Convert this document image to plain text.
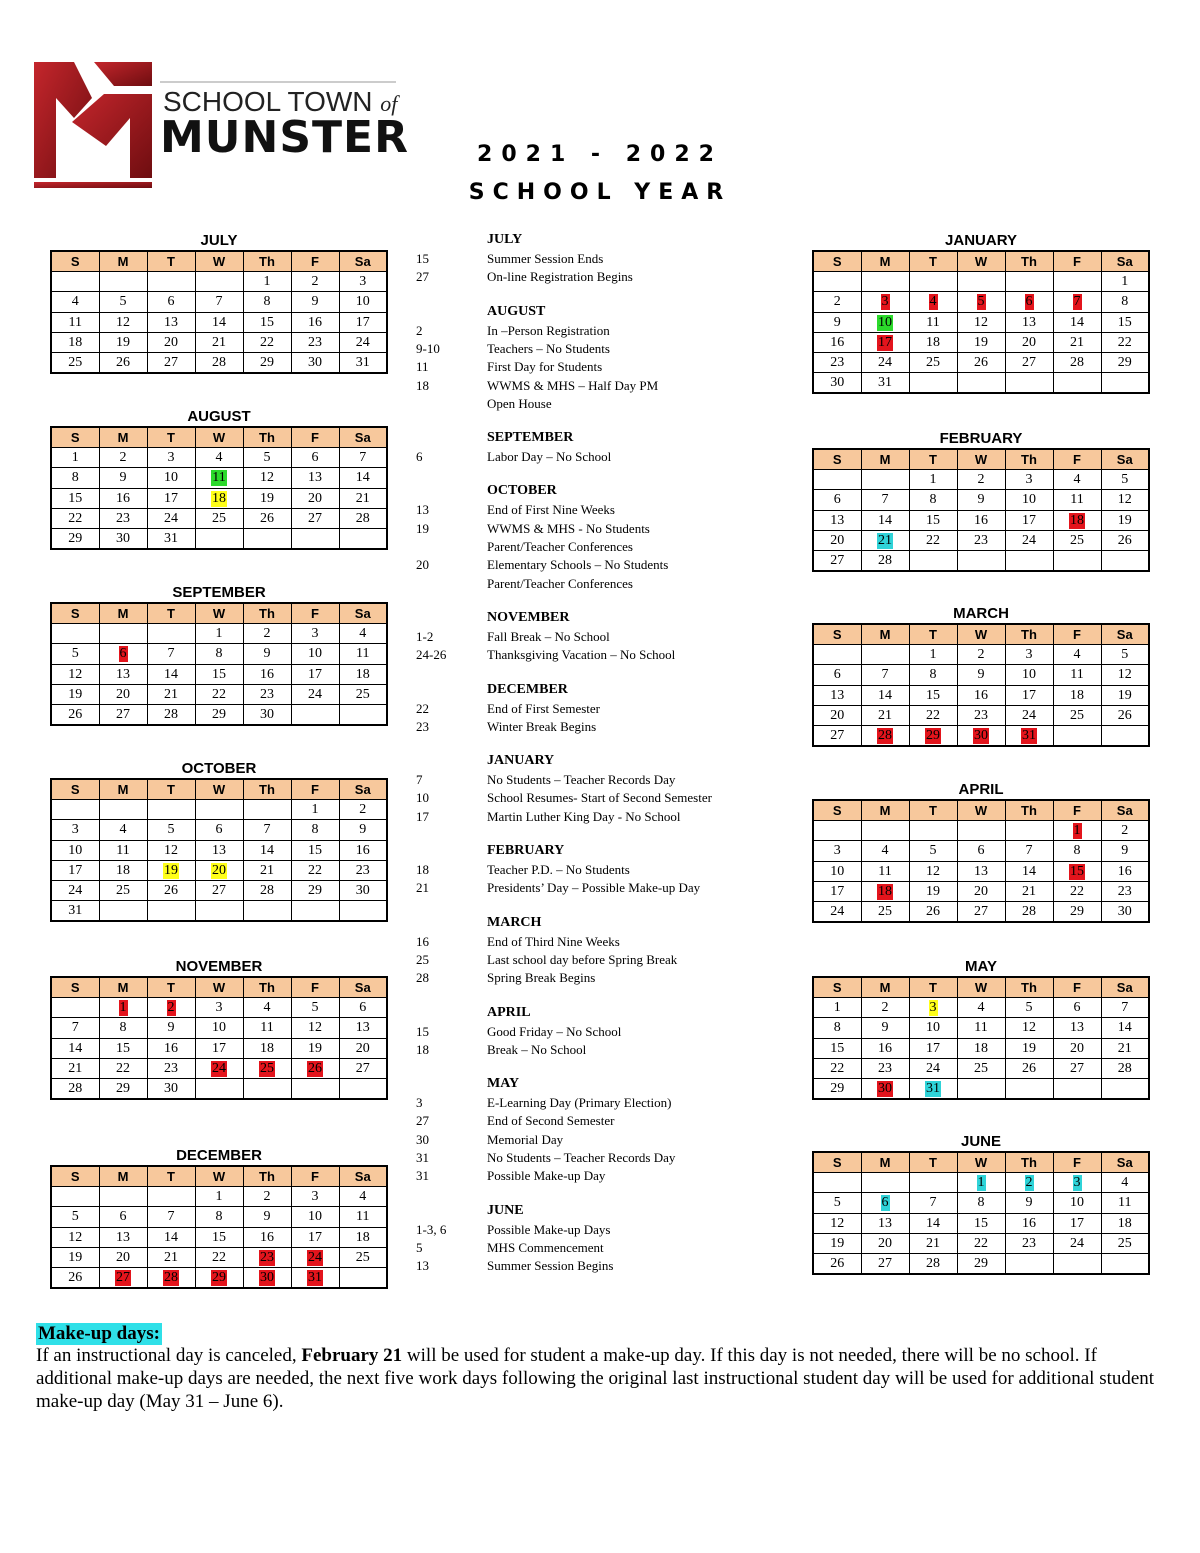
SCHOOL TOWN of
MUNSTER	2021 - 2022
SCHOOL YEAR
JULY
S	M	T	W	Th	F	Sa
				1	2	3
4	5	6	7	8	9	10
11	12	13	14	15	16	17
18	19	20	21	22	23	24
25	26	27	28	29	30	31
AUGUST
S	M	T	W	Th	F	Sa
1	2	3	4	5	6	7
8	9	10	11	12	13	14
15	16	17	18	19	20	21
22	23	24	25	26	27	28
29	30	31				
SEPTEMBER
S	M	T	W	Th	F	Sa
			1	2	3	4
5	6	7	8	9	10	11
12	13	14	15	16	17	18
19	20	21	22	23	24	25
26	27	28	29	30		
OCTOBER
S	M	T	W	Th	F	Sa
					1	2
3	4	5	6	7	8	9
10	11	12	13	14	15	16
17	18	19	20	21	22	23
24	25	26	27	28	29	30
31						
NOVEMBER
S	M	T	W	Th	F	Sa
	1	2	3	4	5	6
7	8	9	10	11	12	13
14	15	16	17	18	19	20
21	22	23	24	25	26	27
28	29	30				
DECEMBER
S	M	T	W	Th	F	Sa
			1	2	3	4
5	6	7	8	9	10	11
12	13	14	15	16	17	18
19	20	21	22	23	24	25
26	27	28	29	30	31	
JANUARY
S	M	T	W	Th	F	Sa
						1
2	3	4	5	6	7	8
9	10	11	12	13	14	15
16	17	18	19	20	21	22
23	24	25	26	27	28	29
30	31					
FEBRUARY
S	M	T	W	Th	F	Sa
		1	2	3	4	5
6	7	8	9	10	11	12
13	14	15	16	17	18	19
20	21	22	23	24	25	26
27	28					
MARCH
S	M	T	W	Th	F	Sa
		1	2	3	4	5
6	7	8	9	10	11	12
13	14	15	16	17	18	19
20	21	22	23	24	25	26
27	28	29	30	31		
APRIL
S	M	T	W	Th	F	Sa
					1	2
3	4	5	6	7	8	9
10	11	12	13	14	15	16
17	18	19	20	21	22	23
24	25	26	27	28	29	30
MAY
S	M	T	W	Th	F	Sa
1	2	3	4	5	6	7
8	9	10	11	12	13	14
15	16	17	18	19	20	21
22	23	24	25	26	27	28
29	30	31				
JUNE
S	M	T	W	Th	F	Sa
			1	2	3	4
5	6	7	8	9	10	11
12	13	14	15	16	17	18
19	20	21	22	23	24	25
26	27	28	29			
JULY
15	Summer Session Ends
27	On-line Registration Begins
AUGUST
2	In –Person Registration
9-10	Teachers – No Students
11	First Day for Students
18	WWMS & MHS – Half Day PM
Open House
SEPTEMBER
6	Labor Day – No School
OCTOBER
13	End of First Nine Weeks
19	WWMS & MHS - No Students
Parent/Teacher Conferences
20	Elementary Schools – No Students
Parent/Teacher Conferences
NOVEMBER
1-2	Fall Break – No School
24-26	Thanksgiving Vacation – No School
DECEMBER
22	End of First Semester
23	Winter Break Begins
JANUARY
7	No Students – Teacher Records Day
10	School Resumes- Start of Second Semester
17	Martin Luther King Day - No School
FEBRUARY
18	Teacher P.D. – No Students
21	Presidents’ Day – Possible Make-up Day
MARCH
16	End of Third Nine Weeks
25	Last school day before Spring Break
28	Spring Break Begins
APRIL
15	Good Friday – No School
18	Break – No School
MAY
3	E-Learning Day (Primary Election)
27	End of Second Semester
30	Memorial Day
31	No Students – Teacher Records Day
31	Possible Make-up Day
JUNE
1-3, 6	Possible Make-up Days
5	MHS Commencement
13	Summer Session Begins
Make-up days:
If an instructional day is canceled, February 21 will be used for student a make-up day. If this day is not needed, there will be no school. If additional make-up days are needed, the next five work days following the original last instructional student day will be used for additional student make-up day (May 31 – June 6).
